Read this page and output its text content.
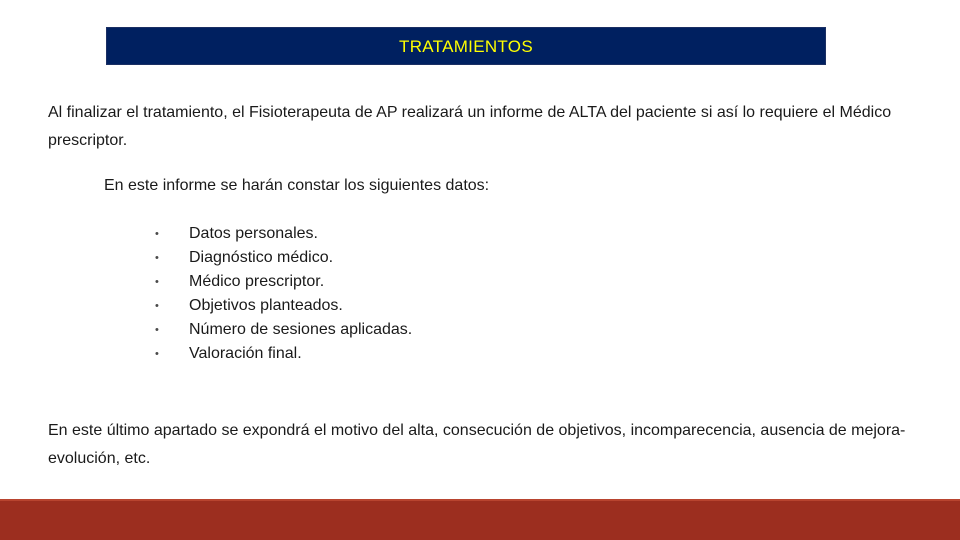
TRATAMIENTOS

Al finalizar el tratamiento, el Fisioterapeuta de AP realizará un informe de ALTA del paciente si así lo requiere el Médico prescriptor.

En este informe se harán constar los siguientes datos:

• Datos personales.
• Diagnóstico médico.
• Médico prescriptor.
• Objetivos planteados.
• Número de sesiones aplicadas.
• Valoración final.

En este último apartado se expondrá el motivo del alta, consecución de objetivos, incomparecencia, ausencia de mejora-evolución, etc.
